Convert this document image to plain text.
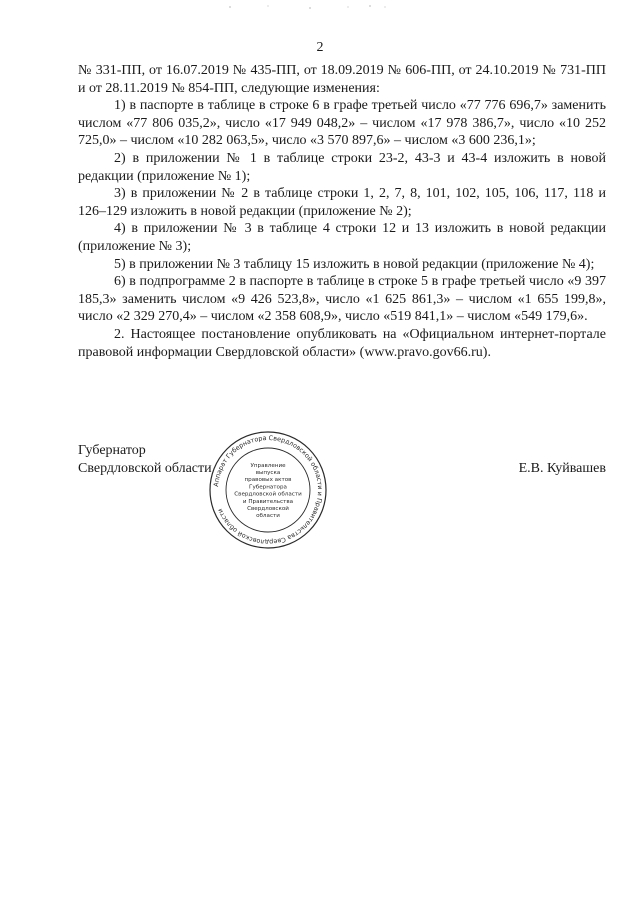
2

№ 331-ПП, от 16.07.2019 № 435-ПП, от 18.09.2019 № 606-ПП, от 24.10.2019 № 731-ПП и от 28.11.2019 № 854-ПП, следующие изменения:

1) в паспорте в таблице в строке 6 в графе третьей число «77 776 696,7» заменить числом «77 806 035,2», число «17 949 048,2» – числом «17 978 386,7», число «10 252 725,0» – числом «10 282 063,5», число «3 570 897,6» – числом «3 600 236,1»;

2) в приложении № 1 в таблице строки 23-2, 43-3 и 43-4 изложить в новой редакции (приложение № 1);

3) в приложении № 2 в таблице строки 1, 2, 7, 8, 101, 102, 105, 106, 117, 118 и 126–129 изложить в новой редакции (приложение № 2);

4) в приложении № 3 в таблице 4 строки 12 и 13 изложить в новой редакции (приложение № 3);

5) в приложении № 3 таблицу 15 изложить в новой редакции (приложение № 4);

6) в подпрограмме 2 в паспорте в таблице в строке 5 в графе третьей число «9 397 185,3» заменить числом «9 426 523,8», число «1 625 861,3» – числом «1 655 199,8», число «2 329 270,4» – числом «2 358 608,9», число «519 841,1» – числом «549 179,6».

2. Настоящее постановление опубликовать на «Официальном интернет-портале правовой информации Свердловской области» (www.pravo.gov66.ru).

Губернатор
Свердловской области
Аппарат Губернатора Свердловской области и Правительства Свердловской области
Управление
выпуска
правовых актов
Губернатора
Свердловской области
и Правительства
Свердловской
области
Е.В. Куйвашев
